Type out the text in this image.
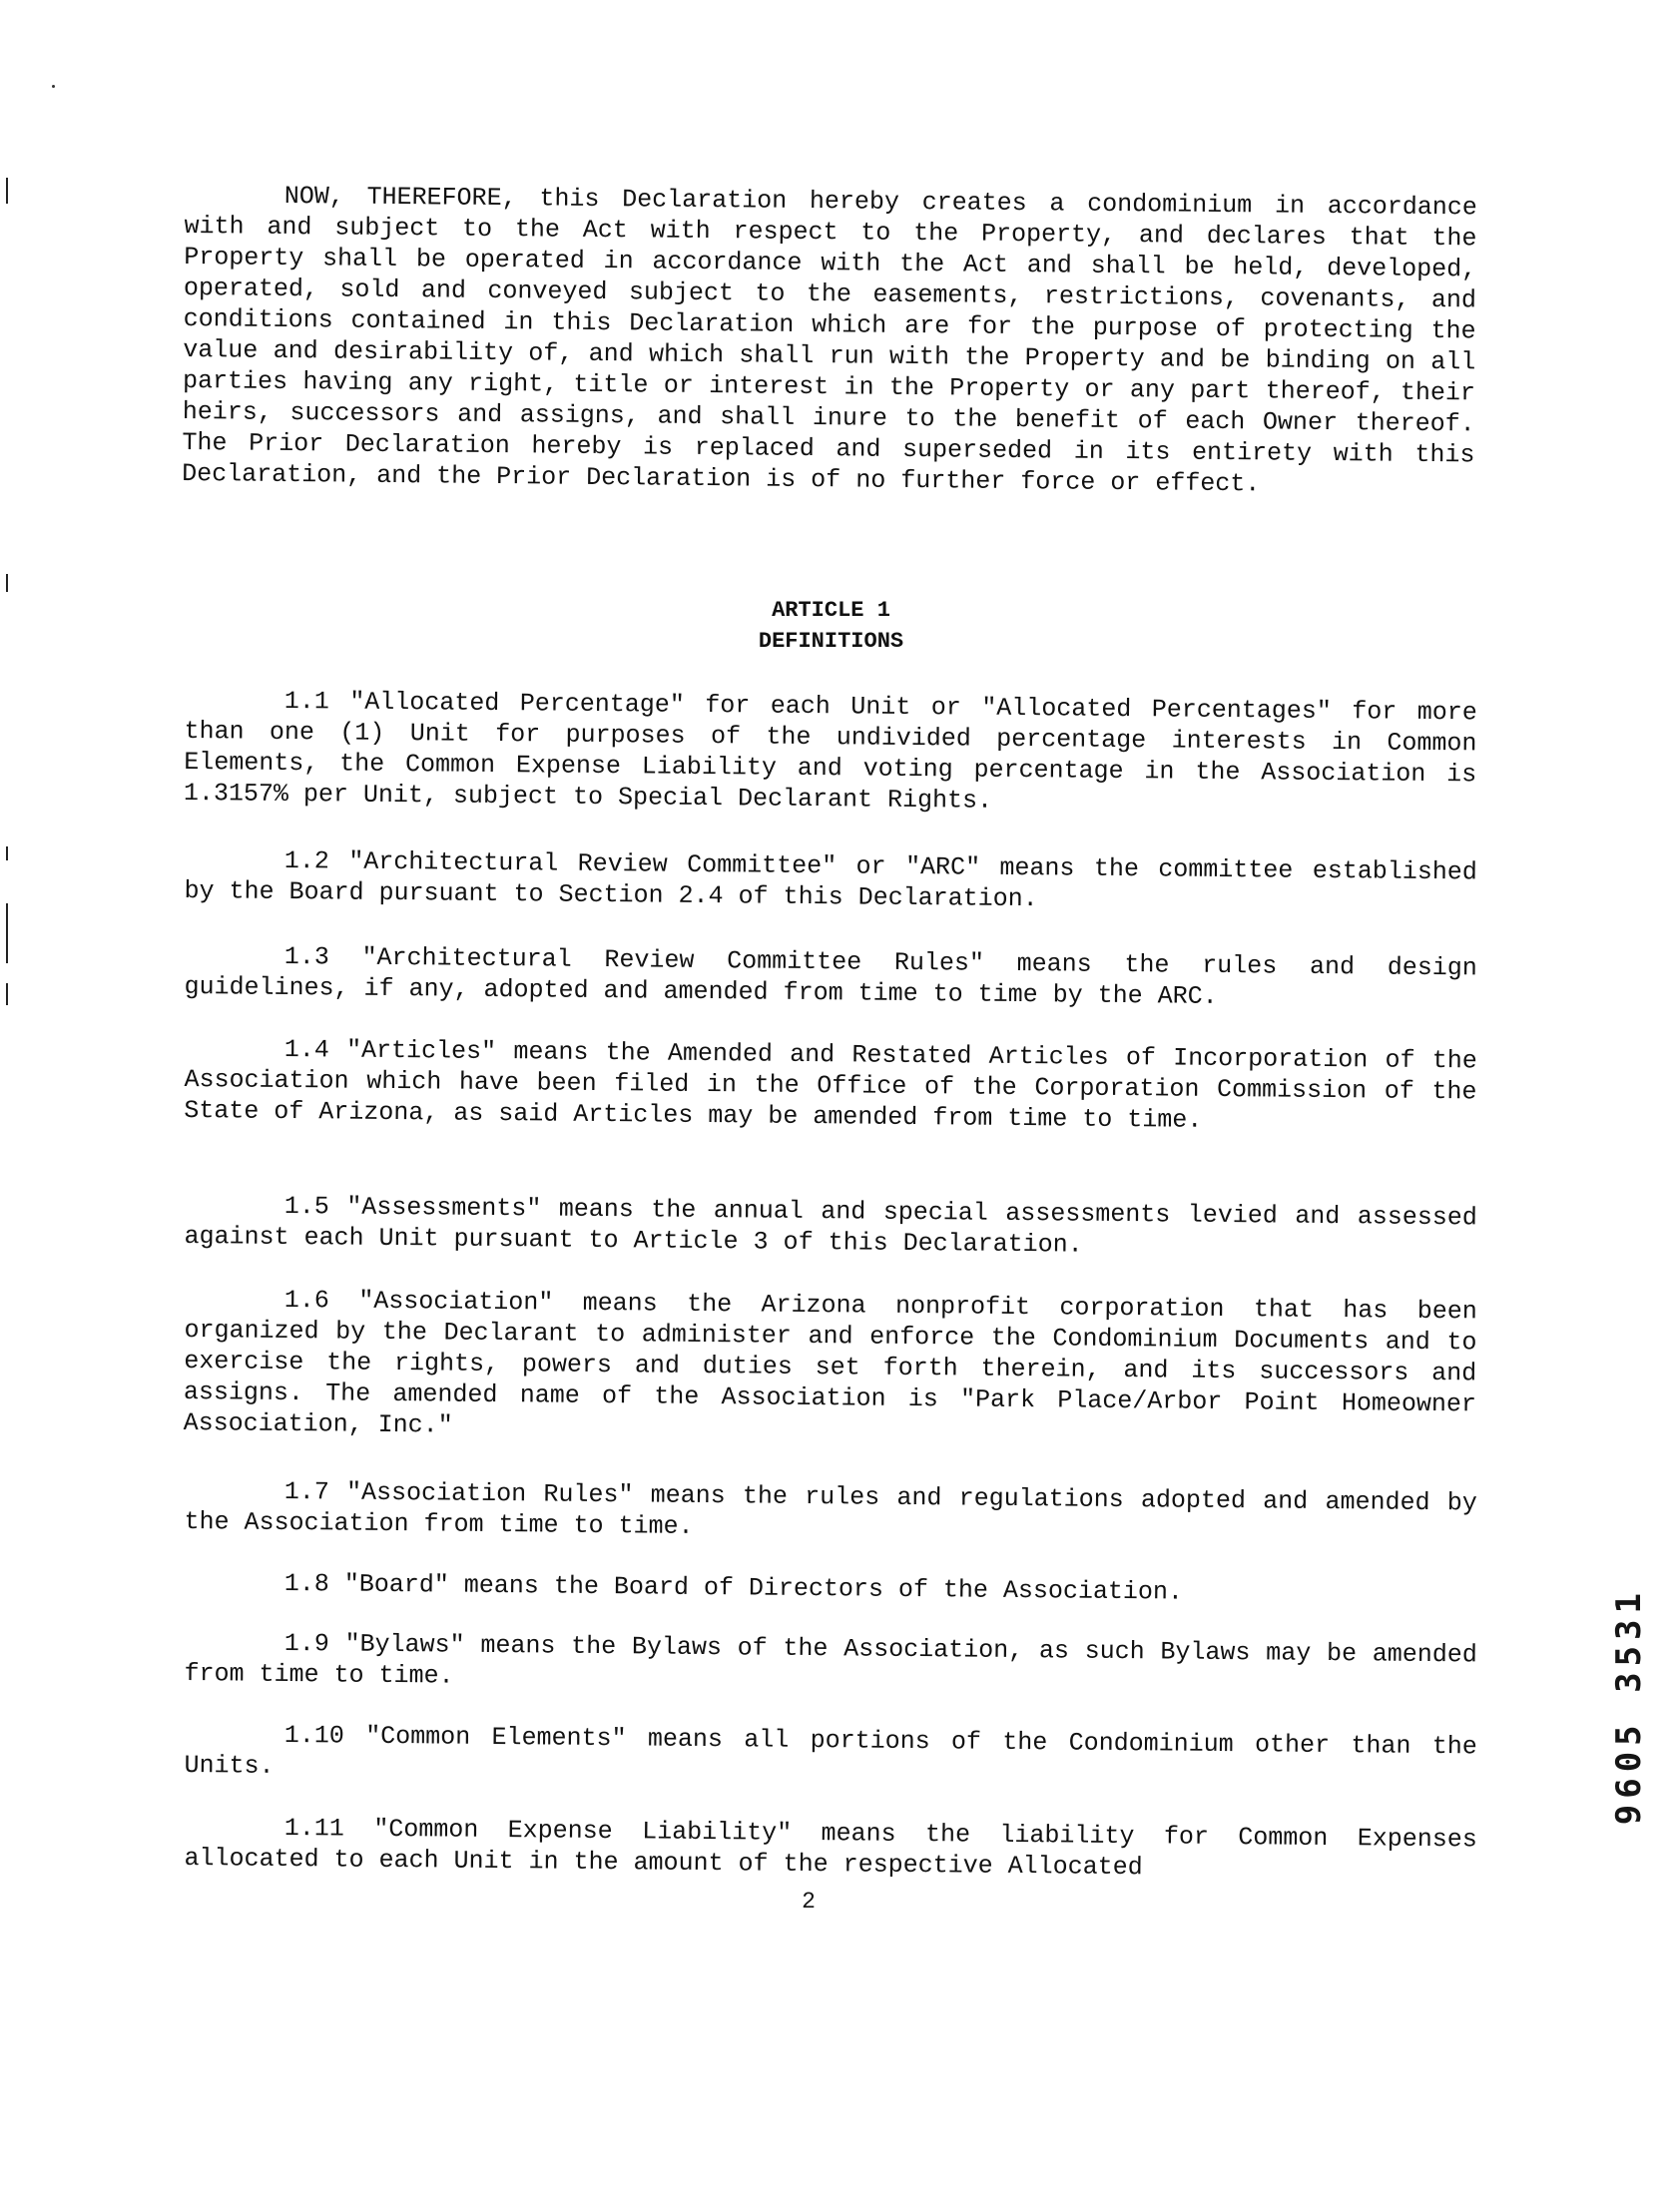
NOW, THEREFORE, this Declaration hereby creates a condominium in accordance with and subject to the Act with respect to the Property, and declares that the Property shall be operated in accordance with the Act and shall be held, developed, operated, sold and conveyed subject to the easements, restrictions, covenants, and conditions contained in this Declaration which are for the purpose of protecting the value and desirability of, and which shall run with the Property and be binding on all parties having any right, title or interest in the Property or any part thereof, their heirs, successors and assigns, and shall inure to the benefit of each Owner thereof. The Prior Declaration hereby is replaced and superseded in its entirety with this Declaration, and the Prior Declaration is of no further force or effect.

ARTICLE 1
DEFINITIONS

1.1 "Allocated Percentage" for each Unit or "Allocated Percentages" for more than one (1) Unit for purposes of the undivided percentage interests in Common Elements, the Common Expense Liability and voting percentage in the Association is 1.3157% per Unit, subject to Special Declarant Rights.

1.2 "Architectural Review Committee" or "ARC" means the committee established by the Board pursuant to Section 2.4 of this Declaration.

1.3 "Architectural Review Committee Rules" means the rules and design guidelines, if any, adopted and amended from time to time by the ARC.

1.4 "Articles" means the Amended and Restated Articles of Incorporation of the Association which have been filed in the Office of the Corporation Commission of the State of Arizona, as said Articles may be amended from time to time.

1.5 "Assessments" means the annual and special assessments levied and assessed against each Unit pursuant to Article 3 of this Declaration.

1.6 "Association" means the Arizona nonprofit corporation that has been organized by the Declarant to administer and enforce the Condominium Documents and to exercise the rights, powers and duties set forth therein, and its successors and assigns. The amended name of the Association is "Park Place/Arbor Point Homeowner Association, Inc."

1.7 "Association Rules" means the rules and regulations adopted and amended by the Association from time to time.

1.8 "Board" means the Board of Directors of the Association.

1.9 "Bylaws" means the Bylaws of the Association, as such Bylaws may be amended from time to time.

1.10 "Common Elements" means all portions of the Condominium other than the Units.

1.11 "Common Expense Liability" means the liability for Common Expenses allocated to each Unit in the amount of the respective Allocated

2
9605 3531
